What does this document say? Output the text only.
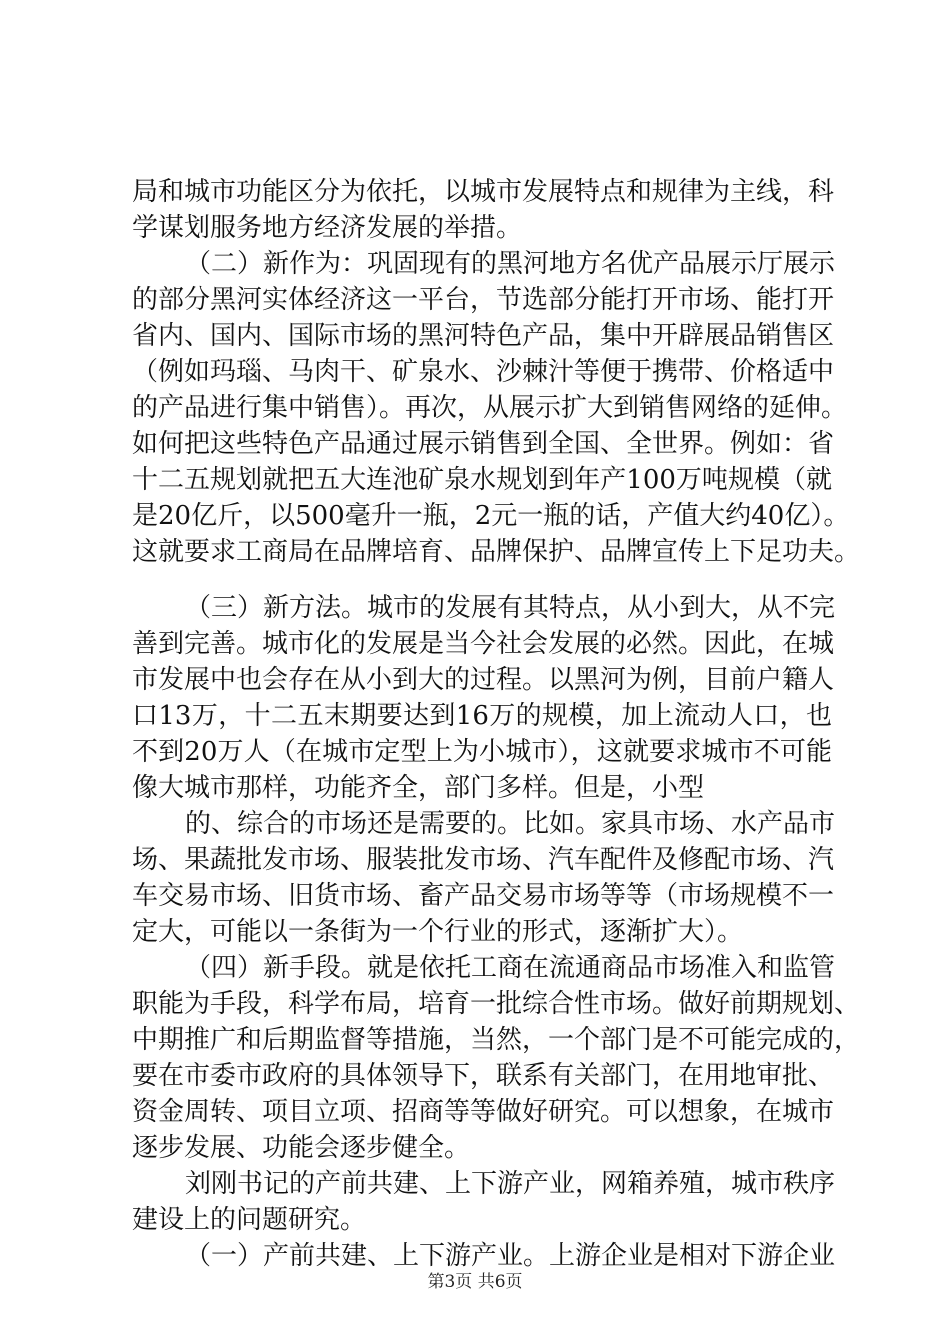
局和城市功能区分为依托，以城市发展特点和规律为主线，科
学谋划服务地方经济发展的举措。
（二）新作为：巩固现有的黑河地方名优产品展示厅展示
的部分黑河实体经济这一平台，节选部分能打开市场、能打开
省内、国内、国际市场的黑河特色产品，集中开辟展品销售区
（例如玛瑙、马肉干、矿泉水、沙棘汁等便于携带、价格适中
的产品进行集中销售）。再次，从展示扩大到销售网络的延伸。
如何把这些特色产品通过展示销售到全国、全世界。例如：省
十二五规划就把五大连池矿泉水规划到年产100万吨规模（就
是20亿斤，以500毫升一瓶，2元一瓶的话，产值大约40亿）。
这就要求工商局在品牌培育、品牌保护、品牌宣传上下足功夫。
（三）新方法。城市的发展有其特点，从小到大，从不完
善到完善。城市化的发展是当今社会发展的必然。因此，在城
市发展中也会存在从小到大的过程。以黑河为例，目前户籍人
口13万，十二五末期要达到16万的规模，加上流动人口，也
不到20万人（在城市定型上为小城市），这就要求城市不可能
像大城市那样，功能齐全，部门多样。但是，小型
的、综合的市场还是需要的。比如。家具市场、水产品市
场、果蔬批发市场、服装批发市场、汽车配件及修配市场、汽
车交易市场、旧货市场、畜产品交易市场等等（市场规模不一
定大，可能以一条街为一个行业的形式，逐渐扩大）。
（四）新手段。就是依托工商在流通商品市场准入和监管
职能为手段，科学布局，培育一批综合性市场。做好前期规划、
中期推广和后期监督等措施，当然，一个部门是不可能完成的，
要在市委市政府的具体领导下，联系有关部门，在用地审批、
资金周转、项目立项、招商等等做好研究。可以想象，在城市
逐步发展、功能会逐步健全。
刘刚书记的产前共建、上下游产业，网箱养殖，城市秩序
建设上的问题研究。
（一）产前共建、上下游产业。上游企业是相对下游企业
第3页 共6页
